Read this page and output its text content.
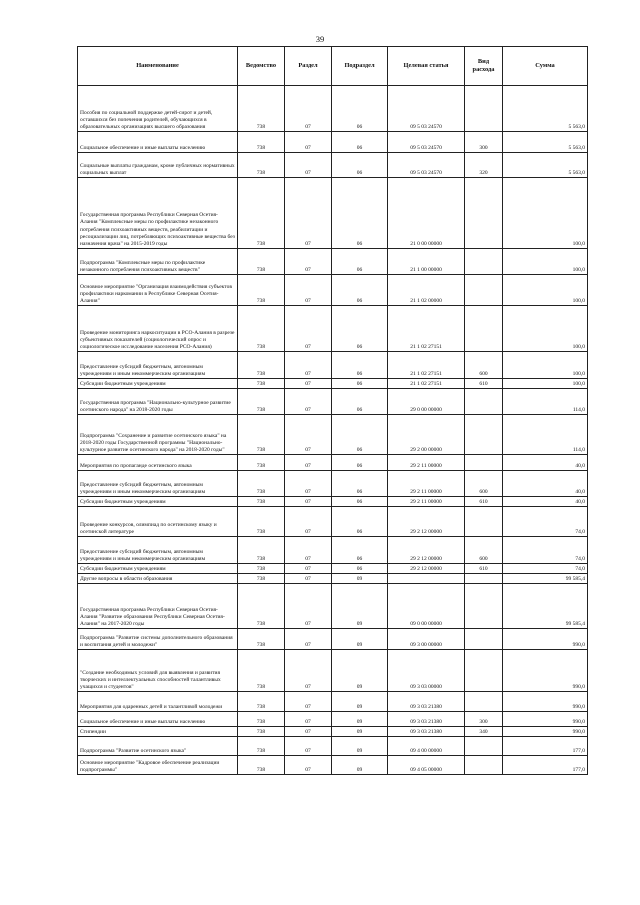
39
Наименование	Ведомство	Раздел	Подраздел	Целевая статья	Вид расхода	Сумма
Пособия по социальной поддержке детей-сирот и детей, оставшихся без попечения родителей, обучающихся в образовательных организациях высшего образования	738	07	06	09 5 03 24570		5 563,0
Социальное обеспечение и иные выплаты населению	738	07	06	09 5 03 24570	300	5 563,0
Социальные выплаты гражданам, кроме публичных нормативных социальных выплат	738	07	06	09 5 03 24570	320	5 563,0
Государственная программа Республики Северная Осетия-Алания "Комплексные меры по профилактике незаконного потребления психоактивных веществ, реабилитации и ресоциализации лиц, потребляющих психоактивные вещества без назначения врача" на 2015-2019 годы	738	07	06	21 0 00 00000		100,0
Подпрограмма "Комплексные меры по профилактике незаконного потребления психоактивных веществ"	738	07	06	21 1 00 00000		100,0
Основное мероприятие "Организация взаимодействия субъектов профилактики наркомании в Республике Северная Осетия-Алания"	738	07	06	21 1 02 00000		100,0
Проведение мониторинга наркоситуации в РСО-Алания в разрезе субъективных показателей (социологический опрос и социологическое исследование населения РСО-Алания)	738	07	06	21 1 02 27151		100,0
Предоставление субсидий бюджетным, автономным учреждениям и иным некоммерческим организациям	738	07	06	21 1 02 27151	600	100,0
Субсидии бюджетным учреждениям	738	07	06	21 1 02 27151	610	100,0
Государственная программа "Национально-культурное развитие осетинского народа" на 2018-2020 годы	738	07	06	29 0 00 00000		114,0
Подпрограмма "Сохранение и развитие осетинского языка" на 2018-2020 годы Государственной программы "Национально-культурное развитие осетинского народа" на 2018-2020 годы"	738	07	06	29 2 00 00000		114,0
Мероприятия по пропаганде осетинского языка	738	07	06	29 2 11 00000		40,0
Предоставление субсидий бюджетным, автономным учреждениям и иным некоммерческим организациям	738	07	06	29 2 11 00000	600	40,0
Субсидии бюджетным учреждениям	738	07	06	29 2 11 00000	610	40,0
Проведение конкурсов, олимпиад по осетинскому языку и осетинской литературе	738	07	06	29 2 12 00000		74,0
Предоставление субсидий бюджетным, автономным учреждениям и иным некоммерческим организациям	738	07	06	29 2 12 00000	600	74,0
Субсидии бюджетным учреждениям	738	07	06	29 2 12 00000	610	74,0
Другие вопросы в области образования	738	07	09			99 585,4
Государственная программа Республики Северная Осетия-Алания "Развитие образования Республики Северная Осетия-Алания" на 2017-2020 годы	738	07	09	09 0 00 00000		99 585,4
Подпрограмма "Развитие системы дополнительного образования и воспитания детей и молодежи"	738	07	09	09 3 00 00000		990,0
"Создание необходимых условий для выявления и развития творческих и интеллектуальных способностей талантливых учащихся и студентов"	738	07	09	09 3 03 00000		990,0
Мероприятия для одаренных детей и талантливой молодежи	738	07	09	09 3 03 21380		990,0
Социальное обеспечение и иные выплаты населению	738	07	09	09 3 03 21380	300	990,0
Стипендии	738	07	09	09 3 03 21380	340	990,0
Подпрограмма "Развитие осетинского языка"	738	07	09	09 4 00 00000		177,0
Основное мероприятие "Кадровое обеспечение реализации подпрограммы"	738	07	09	09 4 05 00000		177,0
